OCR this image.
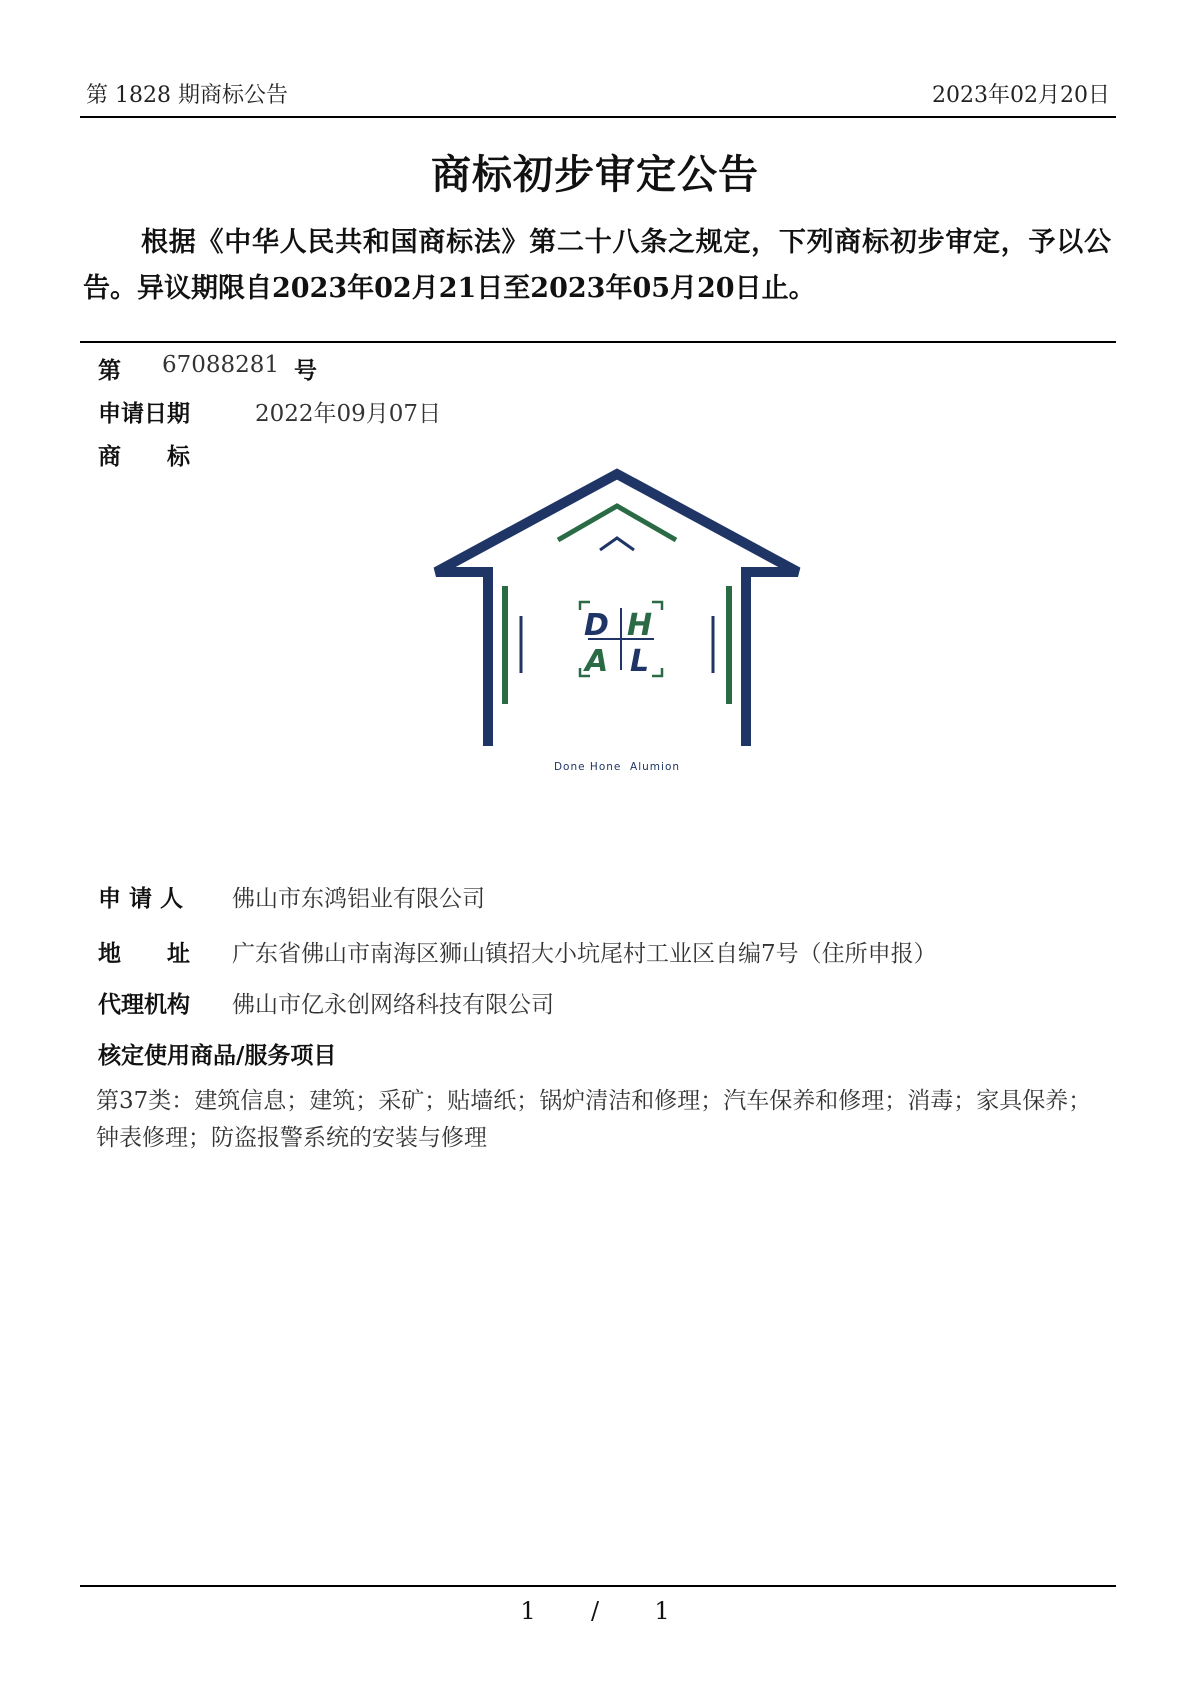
第 1828 期商标公告	2023年02月20日
商标初步审定公告
根据《中华人民共和国商标法》第二十八条之规定，下列商标初步审定，予以公告。异议期限自2023年02月21日至2023年05月20日止。
第 67088281 号
申请日期	2022年09月07日
商　　标
D H
A L
Done Hone  Alumion
申 请 人 佛山市东鸿铝业有限公司
地　　址 广东省佛山市南海区狮山镇招大小坑尾村工业区自编7号（住所申报）
代理机构 佛山市亿永创网络科技有限公司
核定使用商品/服务项目
第37类：建筑信息；建筑；采矿；贴墙纸；锅炉清洁和修理；汽车保养和修理；消毒；家具保养；钟表修理；防盗报警系统的安装与修理
1 / 1
